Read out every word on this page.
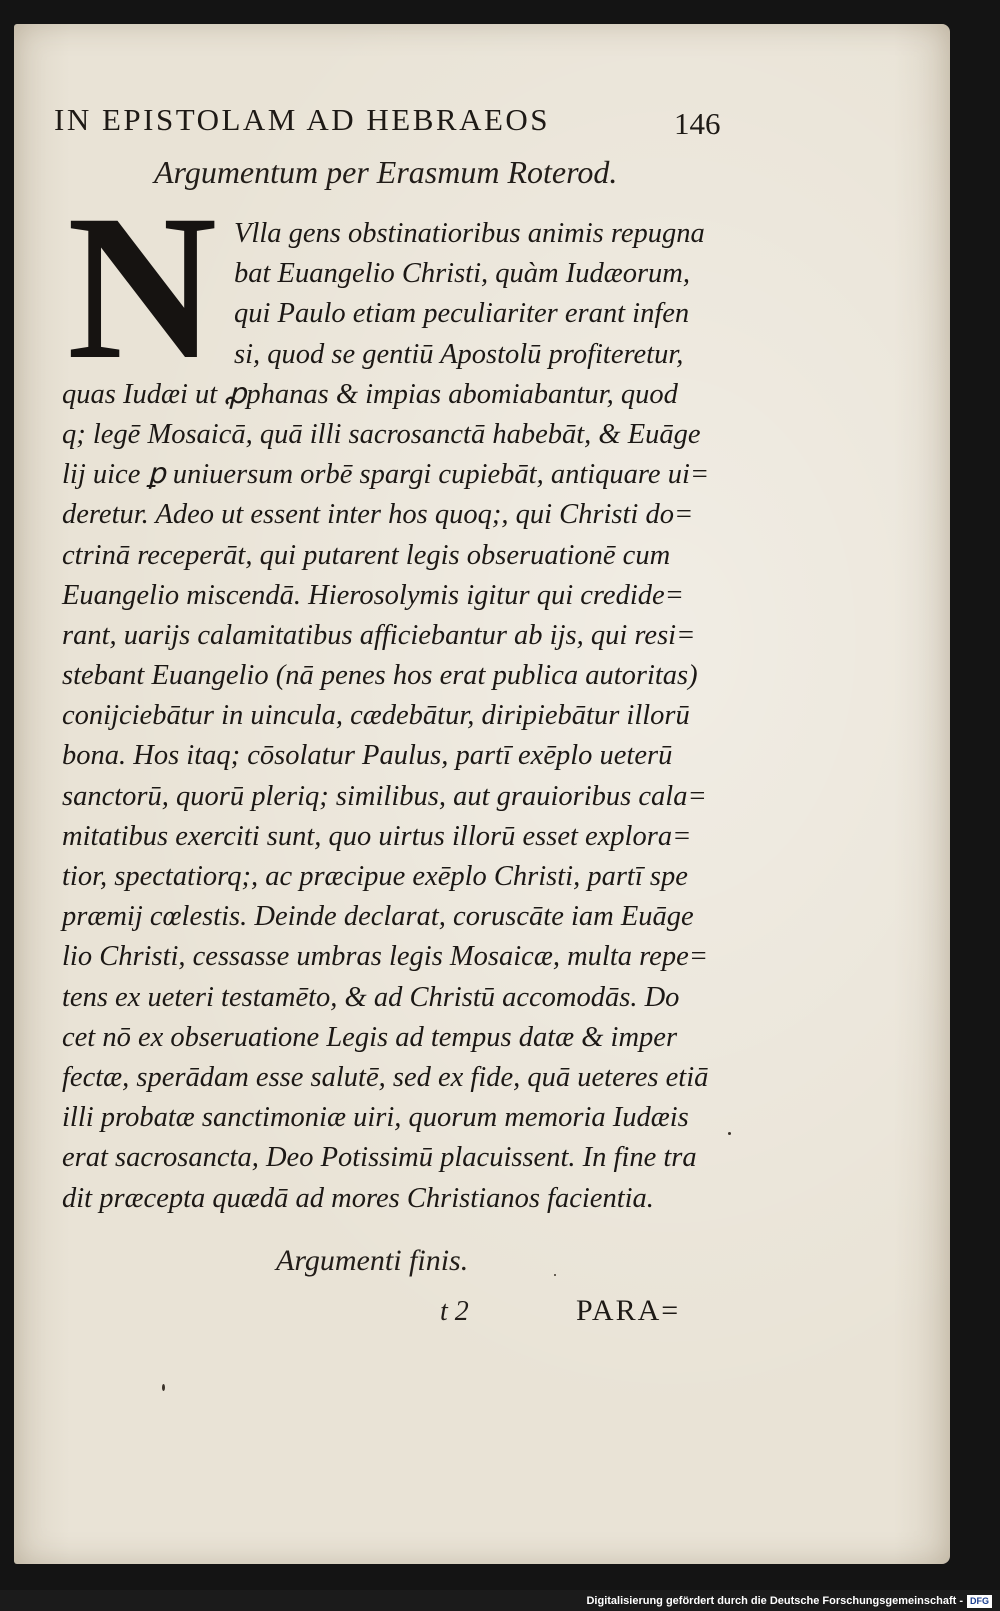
IN EPISTOLAM AD HEBRAEOS	146
Argumentum per Erasmum Roterod.
N Vlla gens obstinatioribus animis repugna
bat Euangelio Christi, quàm Iudæorum,
qui Paulo etiam peculiariter erant infen
si, quod se gentiū Apostolū profiteretur,
quas Iudæi ut ꝓphanas & impias abomiabantur, quod
q; legē Mosaicā, quā illi sacrosanctā habebāt, & Euāge
lij uice ꝑ uniuersum orbē spargi cupiebāt, antiquare ui=
deretur. Adeo ut essent inter hos quoq;, qui Christi do=
ctrinā receperāt, qui putarent legis obseruationē cum
Euangelio miscendā. Hierosolymis igitur qui credide=
rant, uarijs calamitatibus afficiebantur ab ijs, qui resi=
stebant Euangelio (nā penes hos erat publica autoritas)
conijciebātur in uincula, cædebātur, diripiebātur illorū
bona. Hos itaq; cōsolatur Paulus, partī exēplo ueterū
sanctorū, quorū pleriq; similibus, aut grauioribus cala=
mitatibus exerciti sunt, quo uirtus illorū esset explora=
tior, spectatiorq;, ac præcipue exēplo Christi, partī spe
præmij cœlestis. Deinde declarat, coruscāte iam Euāge
lio Christi, cessasse umbras legis Mosaicæ, multa repe=
tens ex ueteri testamēto, & ad Christū accomodās. Do
cet nō ex obseruatione Legis ad tempus datæ & imper
fectæ, sperādam esse salutē, sed ex fide, quā ueteres etiā
illi probatæ sanctimoniæ uiri, quorum memoria Iudæis
erat sacrosancta, Deo Potissimū placuissent. In fine tra
dit præcepta quædā ad mores Christianos facientia.
Argumenti finis.
t 2	PARA=
Digitalisierung gefördert durch die Deutsche Forschungsgemeinschaft - DFG
